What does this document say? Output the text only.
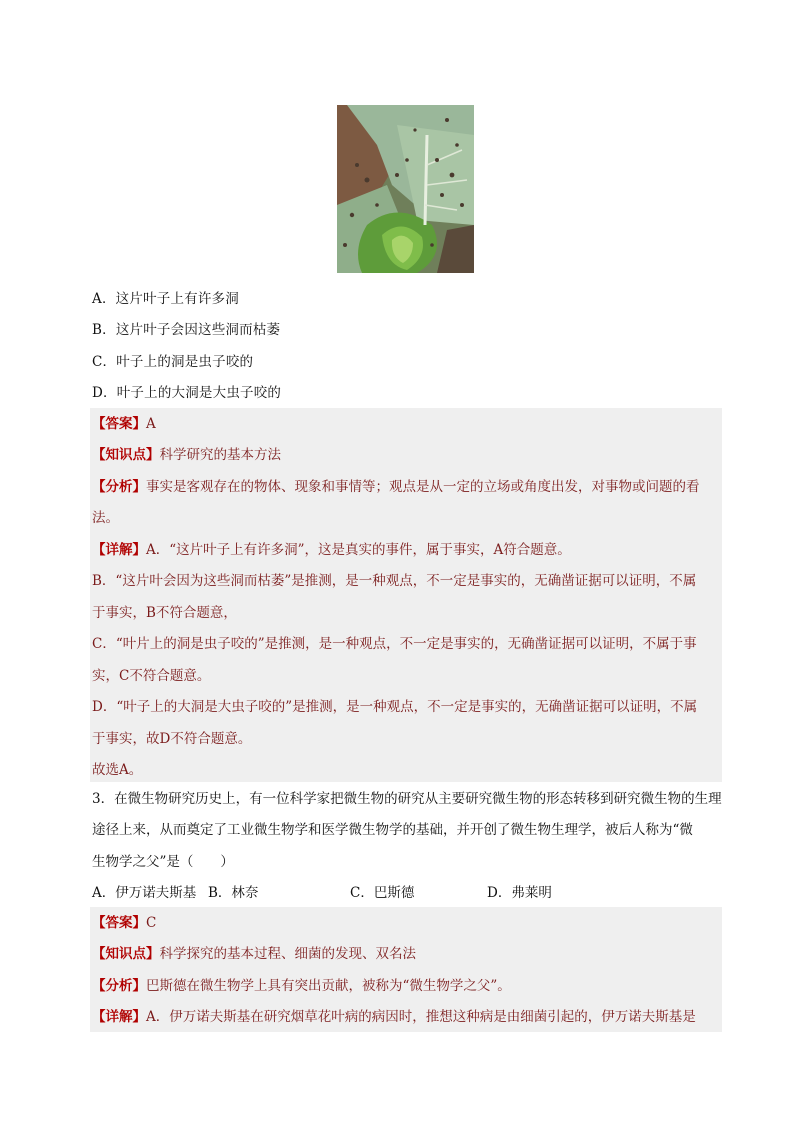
A．这片叶子上有许多洞
B．这片叶子会因这些洞而枯萎
C．叶子上的洞是虫子咬的
D．叶子上的大洞是大虫子咬的
【答案】A
【知识点】科学研究的基本方法
【分析】事实是客观存在的物体、现象和事情等；观点是从一定的立场或角度出发，对事物或问题的看
法。
【详解】A．“这片叶子上有许多洞”，这是真实的事件，属于事实，A符合题意。
B．“这片叶会因为这些洞而枯萎”是推测，是一种观点，不一定是事实的，无确凿证据可以证明，不属
于事实，B不符合题意，
C．“叶片上的洞是虫子咬的”是推测，是一种观点，不一定是事实的，无确凿证据可以证明，不属于事
实，C不符合题意。
D．“叶子上的大洞是大虫子咬的”是推测，是一种观点，不一定是事实的，无确凿证据可以证明，不属
于事实，故D不符合题意。
故选A。
3．在微生物研究历史上，有一位科学家把微生物的研究从主要研究微生物的形态转移到研究微生物的生理
途径上来，从而奠定了工业微生物学和医学微生物学的基础，并开创了微生物生理学，被后人称为“微
生物学之父”是（　　）
A．伊万诺夫斯基 B．林奈	C．巴斯德	D．弗莱明
【答案】C
【知识点】科学探究的基本过程、细菌的发现、双名法
【分析】巴斯德在微生物学上具有突出贡献，被称为“微生物学之父”。
【详解】A．伊万诺夫斯基在研究烟草花叶病的病因时，推想这种病是由细菌引起的，伊万诺夫斯基是
